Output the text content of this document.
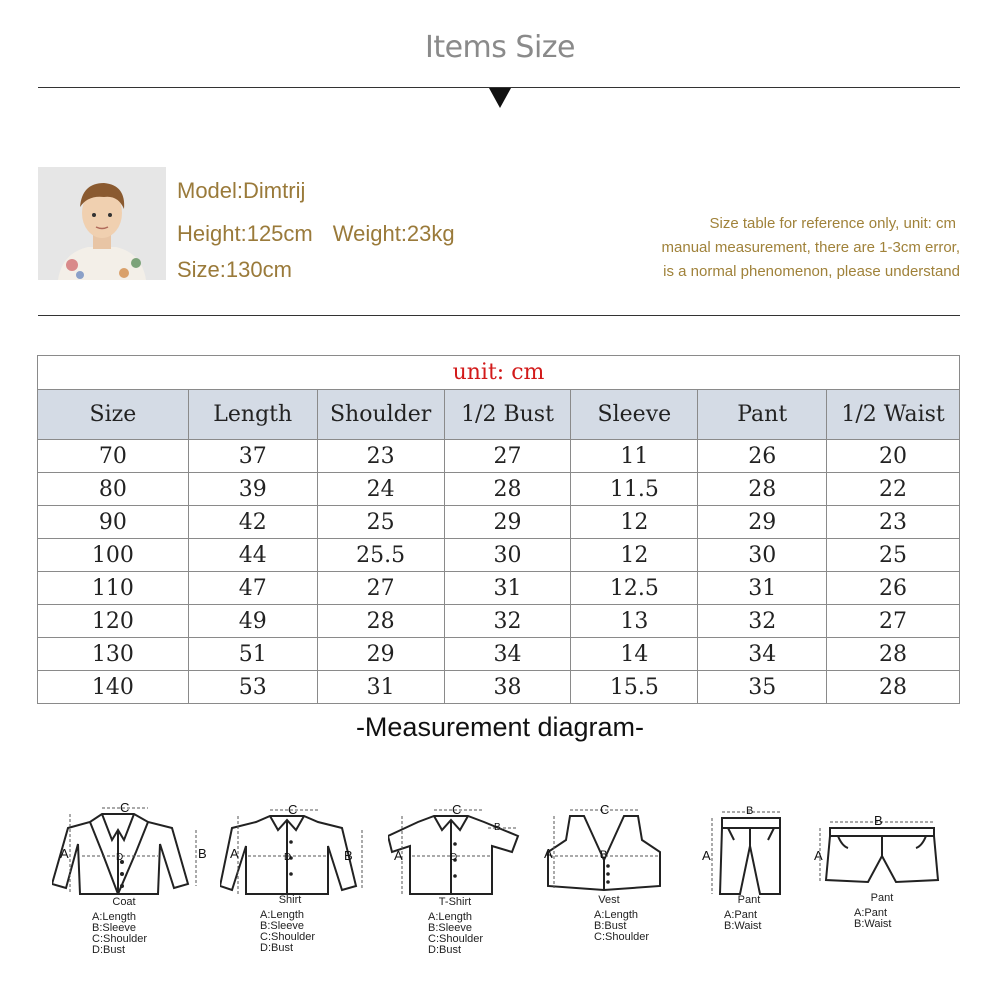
Items Size
Model:Dimtrij
Height:125cm Weight:23kg
Size:130cm
Size table for reference only, unit: cm
manual measurement, there are 1-3cm error,
is a normal phenomenon, please understand
unit: cm						
Size	Length	Shoulder	1/2 Bust	Sleeve	Pant	1/2 Waist
70	37	23	27	11	26	20
80	39	24	28	11.5	28	22
90	42	25	29	12	29	23
100	44	25.5	30	12	30	25
110	47	27	31	12.5	31	26
120	49	28	32	13	32	27
130	51	29	34	14	34	28
140	53	31	38	15.5	35	28
-Measurement diagram-
A	B
C
D
Coat
A:Length
B:Sleeve
C:Shoulder
D:Bust
A	B
C
D
Shirt
A:Length
B:Sleeve
C:Shoulder
D:Bust
A
B
C
D
T-Shirt
A:Length
B:Sleeve
C:Shoulder
D:Bust
A	B
C
Vest
A:Length
B:Bust
C:Shoulder
A
B
Pant
A:Pant
B:Waist
A
B
Pant
A:Pant
B:Waist
